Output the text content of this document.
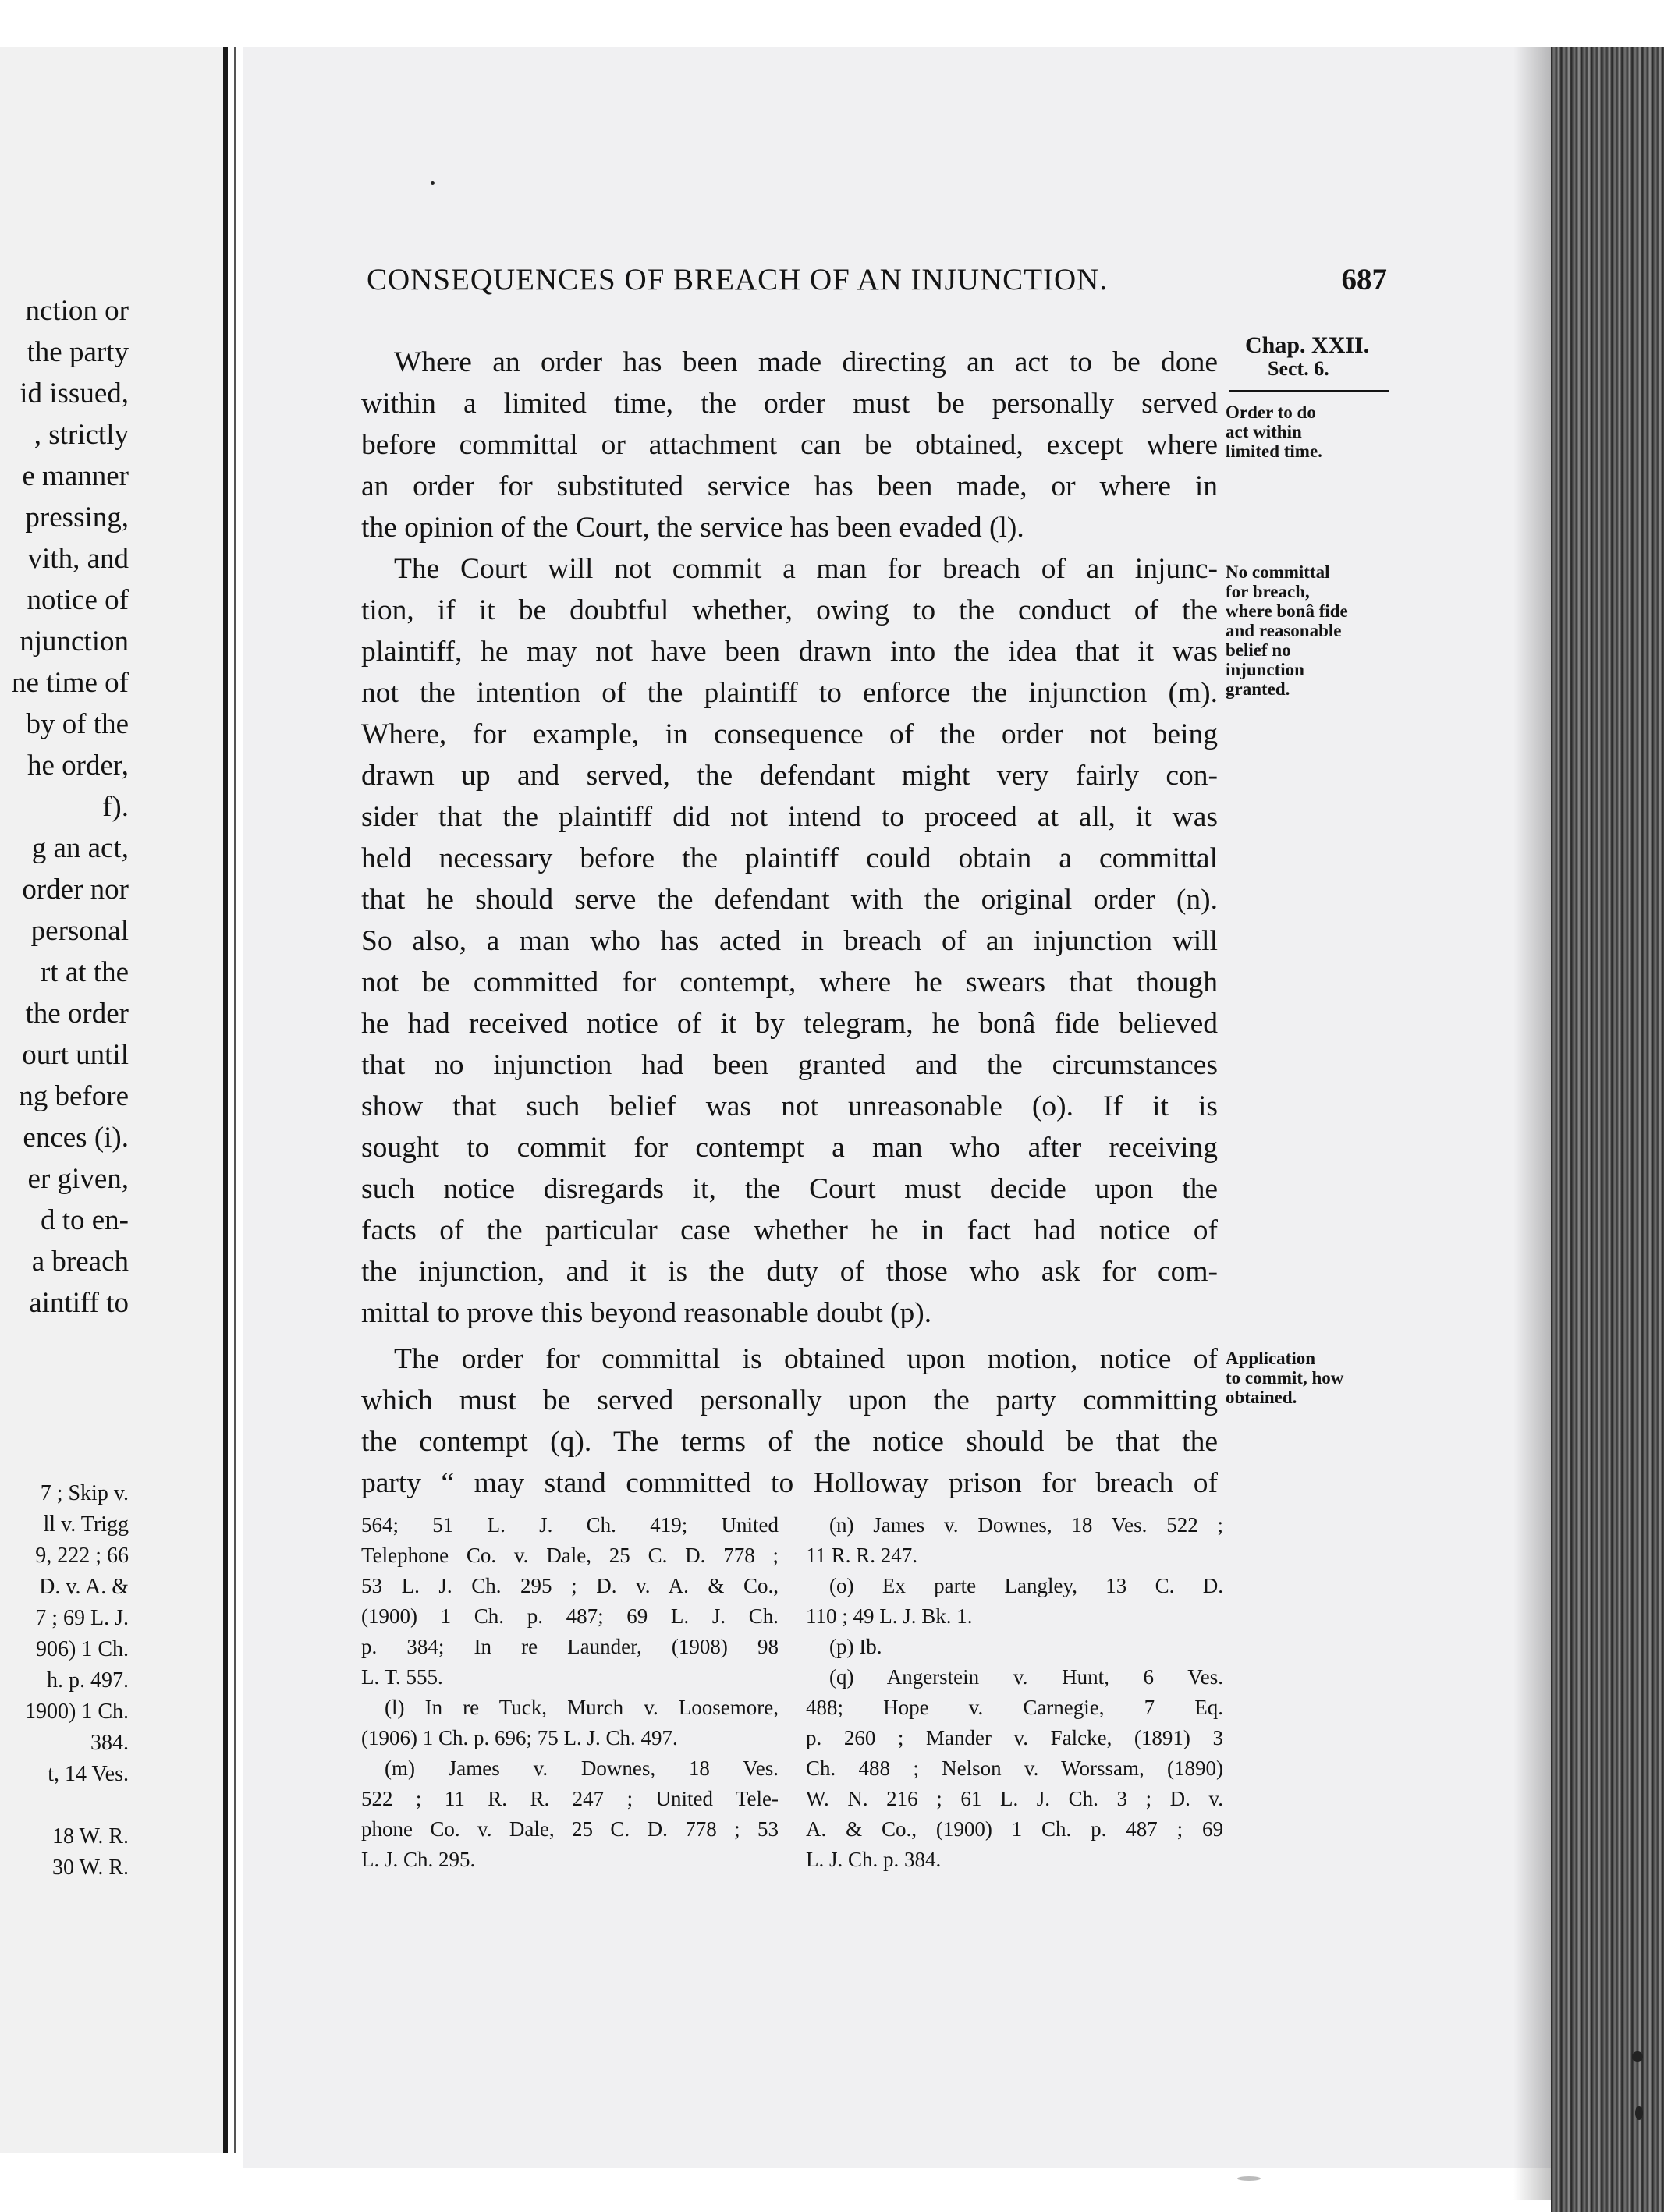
nction or
the party
id issued,
, strictly
e manner
pressing,
vith, and
notice of
njunction
ne time of
by of the
he order,
f).
g an act,
order nor
personal
rt at the
the order
ourt until
ng before
ences (i).
er given,
d to en-
a breach
aintiff to
7 ; Skip v.
ll v. Trigg
9, 222 ; 66
D. v. A. &
7 ; 69 L. J.
906) 1 Ch.
h. p. 497.
1900) 1 Ch.
384.
t, 14 Ves.
18 W. R.
30 W. R.
CONSEQUENCES OF BREACH OF AN INJUNCTION.	687
Chap. XXII.
Sect. 6.
Order to do
act within
limited time.
No committal
for breach,
where bonâ fide
and reasonable
belief no
injunction
granted.
Application
to commit, how
obtained.
Where an order has been made directing an act to be done
within a limited time, the order must be personally served
before committal or attachment can be obtained, except where
an order for substituted service has been made, or where in
the opinion of the Court, the service has been evaded (l).
The Court will not commit a man for breach of an injunc-
tion, if it be doubtful whether, owing to the conduct of the
plaintiff, he may not have been drawn into the idea that it was
not the intention of the plaintiff to enforce the injunction (m).
Where, for example, in consequence of the order not being
drawn up and served, the defendant might very fairly con-
sider that the plaintiff did not intend to proceed at all, it was
held necessary before the plaintiff could obtain a committal
that he should serve the defendant with the original order (n).
So also, a man who has acted in breach of an injunction will
not be committed for contempt, where he swears that though
he had received notice of it by telegram, he bonâ fide believed
that no injunction had been granted and the circumstances
show that such belief was not unreasonable (o). If it is
sought to commit for contempt a man who after receiving
such notice disregards it, the Court must decide upon the
facts of the particular case whether he in fact had notice of
the injunction, and it is the duty of those who ask for com-
mittal to prove this beyond reasonable doubt (p).
The order for committal is obtained upon motion, notice of
which must be served personally upon the party committing
the contempt (q). The terms of the notice should be that the
party “ may stand committed to Holloway prison for breach of
564; 51 L. J. Ch. 419; United
Telephone Co. v. Dale, 25 C. D. 778 ;
53 L. J. Ch. 295 ; D. v. A. & Co.,
(1900) 1 Ch. p. 487; 69 L. J. Ch.
p. 384; In re Launder, (1908) 98
L. T. 555.
(l) In re Tuck, Murch v. Loosemore,
(1906) 1 Ch. p. 696; 75 L. J. Ch. 497.
(m) James v. Downes, 18 Ves.
522 ; 11 R. R. 247 ; United Tele-
phone Co. v. Dale, 25 C. D. 778 ; 53
L. J. Ch. 295.
(n) James v. Downes, 18 Ves. 522 ;
11 R. R. 247.
(o) Ex parte Langley, 13 C. D.
110 ; 49 L. J. Bk. 1.
(p) Ib.
(q) Angerstein v. Hunt, 6 Ves.
488; Hope v. Carnegie, 7 Eq.
p. 260 ; Mander v. Falcke, (1891) 3
Ch. 488 ; Nelson v. Worssam, (1890)
W. N. 216 ; 61 L. J. Ch. 3 ; D. v.
A. & Co., (1900) 1 Ch. p. 487 ; 69
L. J. Ch. p. 384.
